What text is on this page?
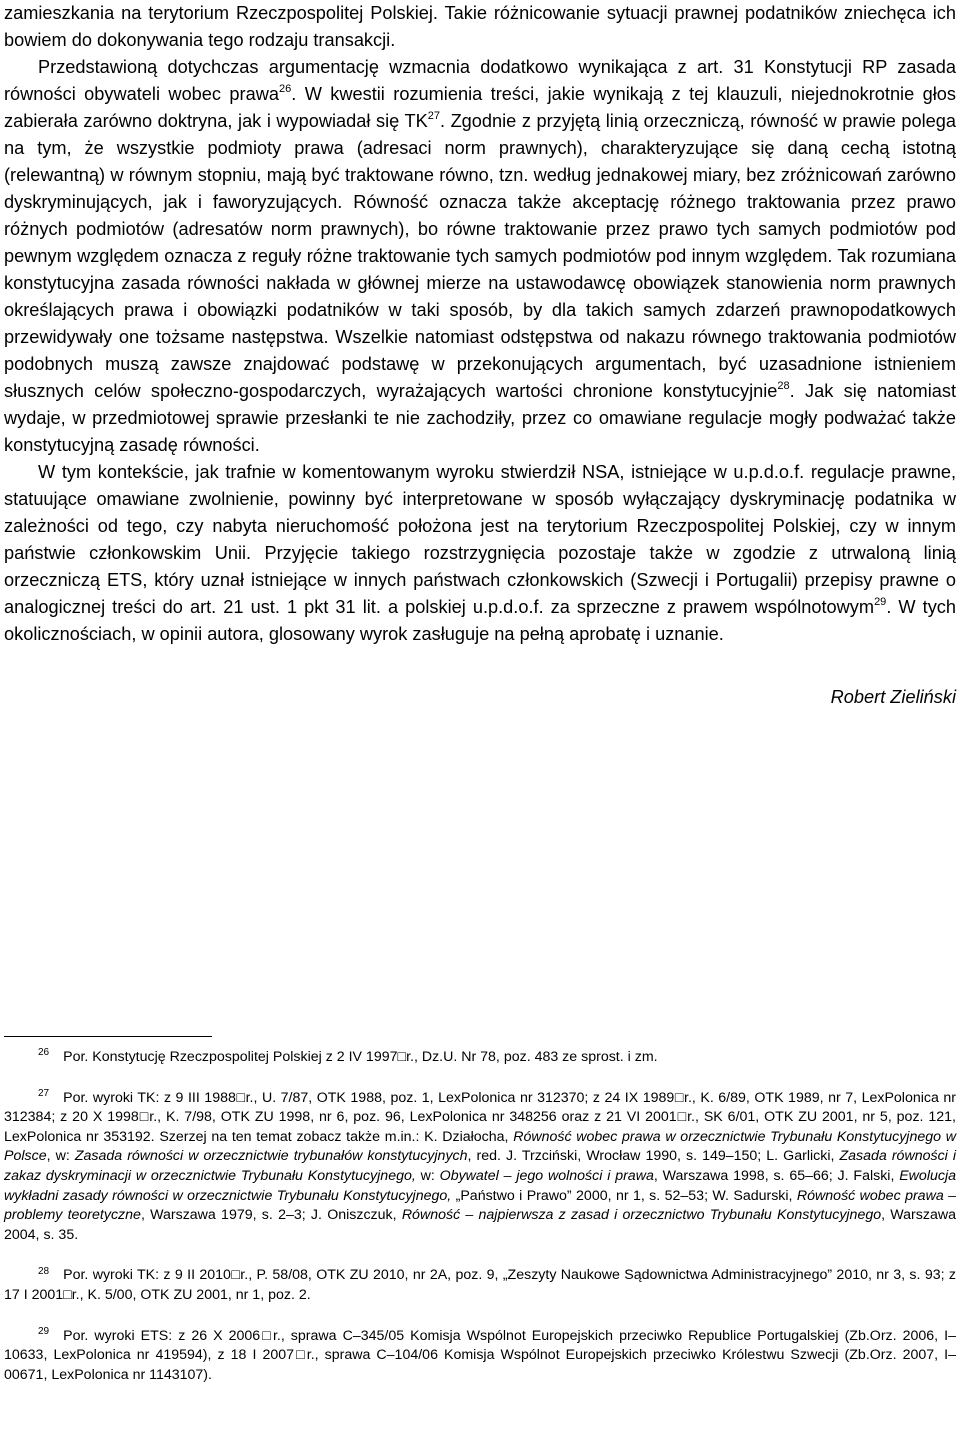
zamieszkania na terytorium Rzeczpospolitej Polskiej. Takie różnicowanie sytuacji prawnej podatników zniechęca ich bowiem do dokonywania tego rodzaju transakcji.

Przedstawioną dotychczas argumentację wzmacnia dodatkowo wynikająca z art. 31 Konstytucji RP zasada równości obywateli wobec prawa$^{26}$. W kwestii rozumienia treści, jakie wynikają z tej klauzuli, niejednokrotnie głos zabierała zarówno doktryna, jak i wypowiadał się TK$^{27}$. Zgodnie z przyjętą linią orzeczniczą, równość w prawie polega na tym, że wszystkie podmioty prawa (adresaci norm prawnych), charakteryzujące się daną cechą istotną (relewantną) w równym stopniu, mają być traktowane równo, tzn. według jednakowej miary, bez zróżnicowań zarówno dyskryminujących, jak i faworyzujących. Równość oznacza także akceptację różnego traktowania przez prawo różnych podmiotów (adresatów norm prawnych), bo równe traktowanie przez prawo tych samych podmiotów pod pewnym względem oznacza z reguły różne traktowanie tych samych podmiotów pod innym względem. Tak rozumiana konstytucyjna zasada równości nakłada w głównej mierze na ustawodawcę obowiązek stanowienia norm prawnych określających prawa i obowiązki podatników w taki sposób, by dla takich samych zdarzeń prawnopodatkowych przewidywały one tożsame następstwa. Wszelkie natomiast odstępstwa od nakazu równego traktowania podmiotów podobnych muszą zawsze znajdować podstawę w przekonujących argumentach, być uzasadnione istnieniem słusznych celów społeczno-gospodarczych, wyrażających wartości chronione konstytucyjnie$^{28}$. Jak się natomiast wydaje, w przedmiotowej sprawie przesłanki te nie zachodziły, przez co omawiane regulacje mogły podważać także konstytucyjną zasadę równości.

W tym kontekście, jak trafnie w komentowanym wyroku stwierdził NSA, istniejące w u.p.d.o.f. regulacje prawne, statuujące omawiane zwolnienie, powinny być interpretowane w sposób wyłączający dyskryminację podatnika w zależności od tego, czy nabyta nieruchomość położona jest na terytorium Rzeczpospolitej Polskiej, czy w innym państwie członkowskim Unii. Przyjęcie takiego rozstrzygnięcia pozostaje także w zgodzie z utrwaloną linią orzeczniczą ETS, który uznał istniejące w innych państwach członkowskich (Szwecji i Portugalii) przepisy prawne o analogicznej treści do art. 21 ust. 1 pkt 31 lit. a polskiej u.p.d.o.f. za sprzeczne z prawem wspólnotowym$^{29}$. W tych okolicznościach, w opinii autora, glosowany wyrok zasługuje na pełną aprobatę i uznanie.

Robert Zieliński
$^{26}$ Por. Konstytucję Rzeczpospolitej Polskiej z 2 IV 1997□r., Dz.U. Nr 78, poz. 483 ze sprost. i zm.
$^{27}$ Por. wyroki TK: z 9 III 1988□r., U. 7/87, OTK 1988, poz. 1, LexPolonica nr 312370; z 24 IX 1989□r., K. 6/89, OTK 1989, nr 7, LexPolonica nr 312384; z 20 X 1998□r., K. 7/98, OTK ZU 1998, nr 6, poz. 96, LexPolonica nr 348256 oraz z 21 VI 2001□r., SK 6/01, OTK ZU 2001, nr 5, poz. 121, LexPolonica nr 353192. Szerzej na ten temat zobacz także m.in.: K. Działocha, Równość wobec prawa w orzecznictwie Trybunału Konstytucyjnego w Polsce, w: Zasada równości w orzecznictwie trybunałów konstytucyjnych, red. J. Trzciński, Wrocław 1990, s. 149–150; L. Garlicki, Zasada równości i zakaz dyskryminacji w orzecznictwie Trybunału Konstytucyjnego, w: Obywatel – jego wolności i prawa, Warszawa 1998, s. 65–66; J. Falski, Ewolucja wykładni zasady równości w orzecznictwie Trybunału Konstytucyjnego, „Państwo i Prawo” 2000, nr 1, s. 52–53; W. Sadurski, Równość wobec prawa – problemy teoretyczne, Warszawa 1979, s. 2–3; J. Oniszczuk, Równość – najpierwsza z zasad i orzecznictwo Trybunału Konstytucyjnego, Warszawa 2004, s. 35.
$^{28}$ Por. wyroki TK: z 9 II 2010□r., P. 58/08, OTK ZU 2010, nr 2A, poz. 9, „Zeszyty Naukowe Sądownictwa Administracyjnego” 2010, nr 3, s. 93; z 17 I 2001□r., K. 5/00, OTK ZU 2001, nr 1, poz. 2.
$^{29}$ Por. wyroki ETS: z 26 X 2006□r., sprawa C–345/05 Komisja Wspólnot Europejskich przeciwko Republice Portugalskiej (Zb.Orz. 2006, I–10633, LexPolonica nr 419594), z 18 I 2007□r., sprawa C–104/06 Komisja Wspólnot Europejskich przeciwko Królestwu Szwecji (Zb.Orz. 2007, I–00671, LexPolonica nr 1143107).
